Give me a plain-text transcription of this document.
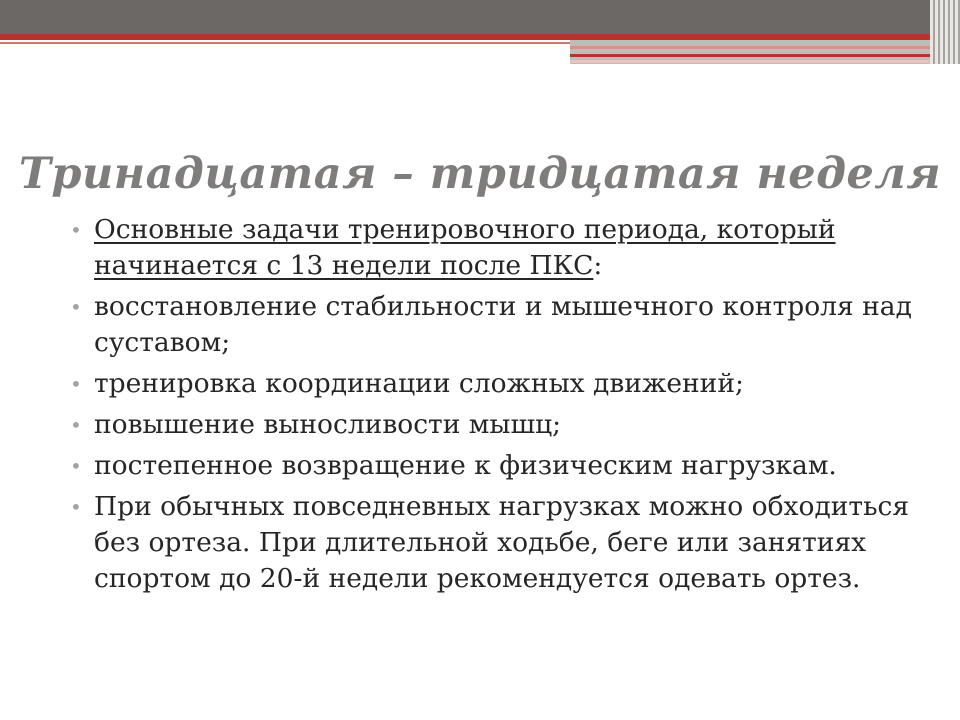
Тринадцатая – тридцатая неделя
• Основные задачи тренировочного периода, который начинается с 13 недели после ПКС:
• восстановление стабильности и мышечного контроля над суставом;
• тренировка координации сложных движений;
• повышение выносливости мышц;
• постепенное возвращение к физическим нагрузкам.
• При обычных повседневных нагрузках можно обходиться без ортеза. При длительной ходьбе, беге или занятиях спортом до 20-й недели рекомендуется одевать ортез.
